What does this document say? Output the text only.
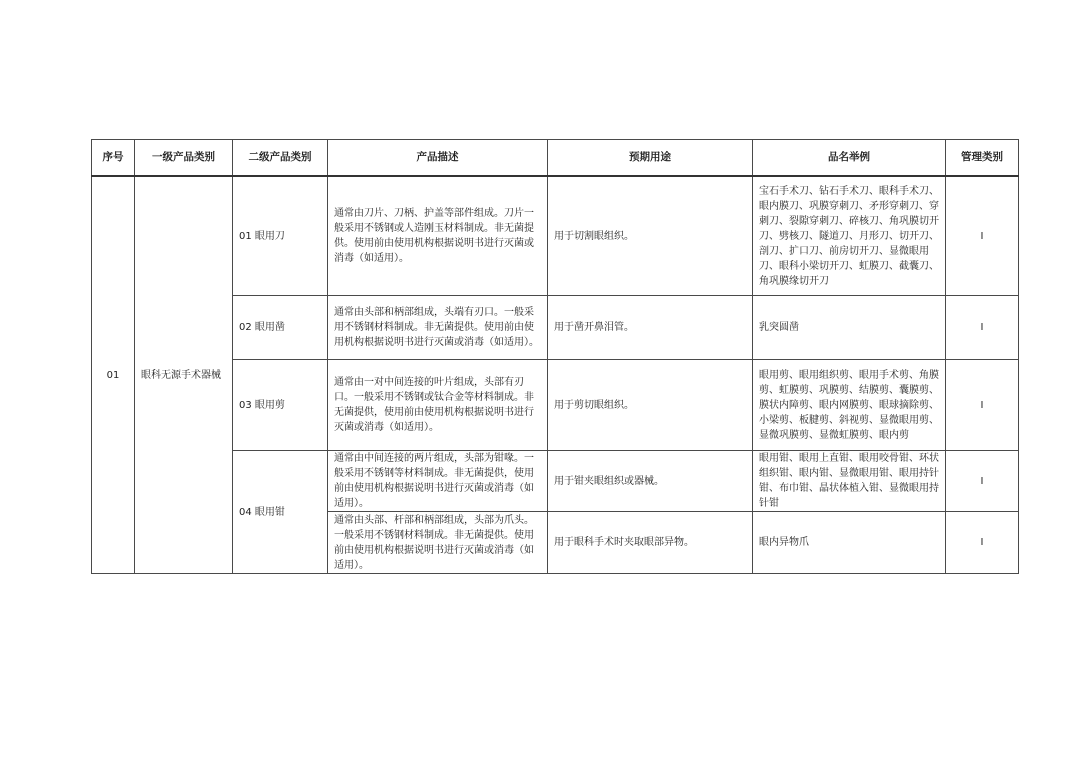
序号	一级产品类别	二级产品类别	产品描述	预期用途	品名举例	管理类别
01	眼科无源手术器械	01 眼用刀	通常由刀片、刀柄、护盖等部件组成。刀片一般采用不锈钢或人造刚玉材料制成。非无菌提供。使用前由使用机构根据说明书进行灭菌或消毒（如适用）。	用于切割眼组织。	宝石手术刀、钻石手术刀、眼科手术刀、眼内膜刀、巩膜穿刺刀、矛形穿刺刀、穿刺刀、裂隙穿刺刀、碎核刀、角巩膜切开刀、劈核刀、隧道刀、月形刀、切开刀、剖刀、扩口刀、前房切开刀、显微眼用刀、眼科小梁切开刀、虹膜刀、截囊刀、角巩膜缘切开刀	I
		02 眼用凿	通常由头部和柄部组成，头端有刃口。一般采用不锈钢材料制成。非无菌提供。使用前由使用机构根据说明书进行灭菌或消毒（如适用）。	用于凿开鼻泪管。	乳突圆凿	I
		03 眼用剪	通常由一对中间连接的叶片组成，头部有刃口。一般采用不锈钢或钛合金等材料制成。非无菌提供，使用前由使用机构根据说明书进行灭菌或消毒（如适用）。	用于剪切眼组织。	眼用剪、眼用组织剪、眼用手术剪、角膜剪、虹膜剪、巩膜剪、结膜剪、囊膜剪、膜状内障剪、眼内网膜剪、眼球摘除剪、小梁剪、板腱剪、斜视剪、显微眼用剪、显微巩膜剪、显微虹膜剪、眼内剪	I
		04 眼用钳	通常由中间连接的两片组成，头部为钳喙。一般采用不锈钢等材料制成。非无菌提供，使用前由使用机构根据说明书进行灭菌或消毒（如适用）。	用于钳夹眼组织或器械。	眼用钳、眼用上直钳、眼用咬骨钳、环状组织钳、眼内钳、显微眼用钳、眼用持针钳、布巾钳、晶状体植入钳、显微眼用持针钳	I
			通常由头部、杆部和柄部组成，头部为爪头。一般采用不锈钢材料制成。非无菌提供。使用前由使用机构根据说明书进行灭菌或消毒（如适用）。	用于眼科手术时夹取眼部异物。	眼内异物爪	I
